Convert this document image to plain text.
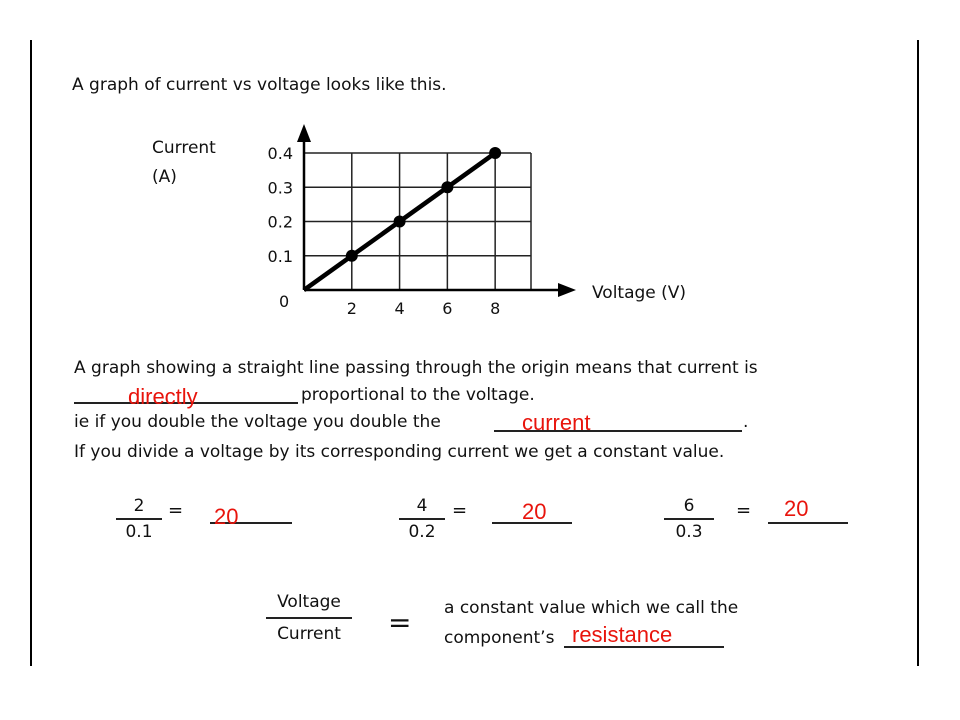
A graph of current vs voltage looks like this.
2 4 6 8
0.1
0.2
0.3
0.4
Current
(A)
Voltage (V)
0
A graph showing a straight line passing through the origin means that current is
directly	proportional to the voltage.
ie if you double the voltage you double the	current	.
If you divide a voltage by its corresponding current we get a constant value.
2
0.1
= 20	4
0.2
= 20	6
0.3
= 20
Voltage
Current	= a constant value which we call the
component’s resistance
